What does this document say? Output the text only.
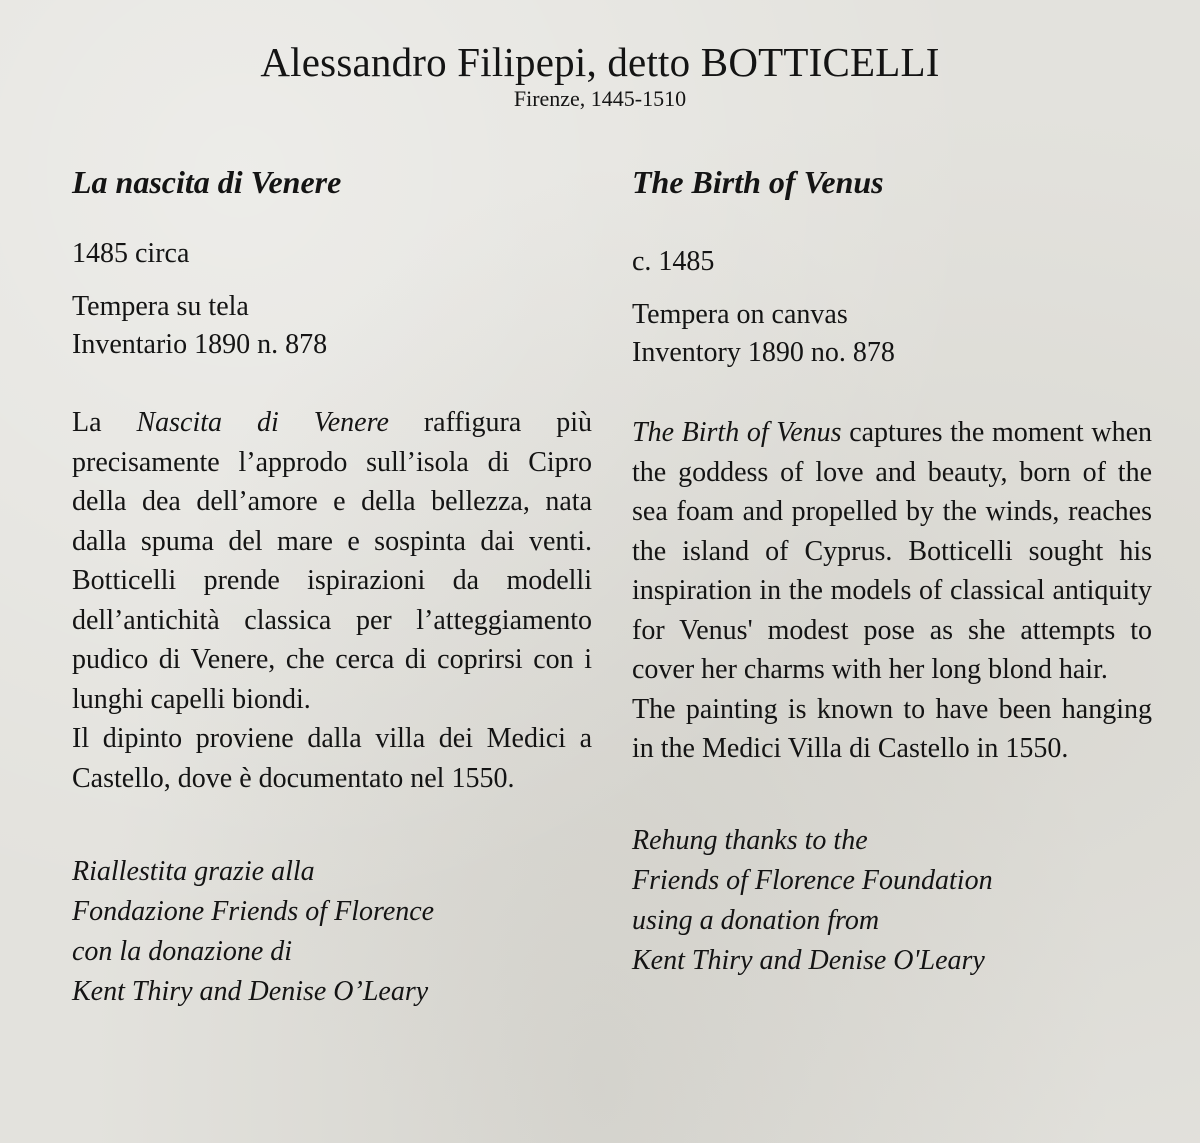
Alessandro Filipepi, detto BOTTICELLI
Firenze, 1445-1510
La nascita di Venere
1485 circa
Tempera su tela
Inventario 1890 n. 878

La Nascita di Venere raffigura più precisamente l’approdo sull’isola di Cipro della dea dell’amore e della bellezza, nata dalla spuma del mare e sospinta dai venti. Botticelli prende ispirazioni da modelli dell’antichità classica per l’atteggiamento pudico di Venere, che cerca di coprirsi con i lunghi capelli biondi.

Il dipinto proviene dalla villa dei Medici a Castello, dove è documentato nel 1550.

Riallestita grazie alla
Fondazione Friends of Florence
con la donazione di
Kent Thiry and Denise O’Leary
The Birth of Venus
c. 1485
Tempera on canvas
Inventory 1890 no. 878

The Birth of Venus captures the moment when the goddess of love and beauty, born of the sea foam and propelled by the winds, reaches the island of Cyprus. Botticelli sought his inspiration in the models of classical antiquity for Venus' modest pose as she attempts to cover her charms with her long blond hair.

The painting is known to have been hanging in the Medici Villa di Castello in 1550.

Rehung thanks to the
Friends of Florence Foundation
using a donation from
Kent Thiry and Denise O'Leary
